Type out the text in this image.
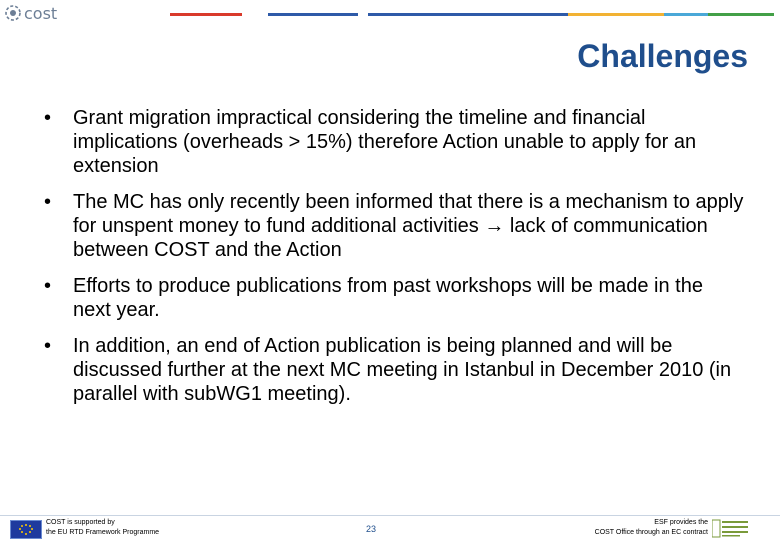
cost
Challenges
• Grant migration impractical considering the timeline and financial implications (overheads > 15%) therefore Action unable to apply for an extension
• The MC has only recently been informed that there is a mechanism to apply for unspent money to fund additional activities → lack of communication between COST and the Action
• Efforts to produce publications from past workshops will be made in the next year.
• In addition, an end of Action publication is being planned and will be discussed further at the next MC meeting in Istanbul in December 2010 (in parallel with subWG1 meeting).
COST is supported by
the EU RTD Framework Programme	23
ESF provides the
COST Office through an EC contract
